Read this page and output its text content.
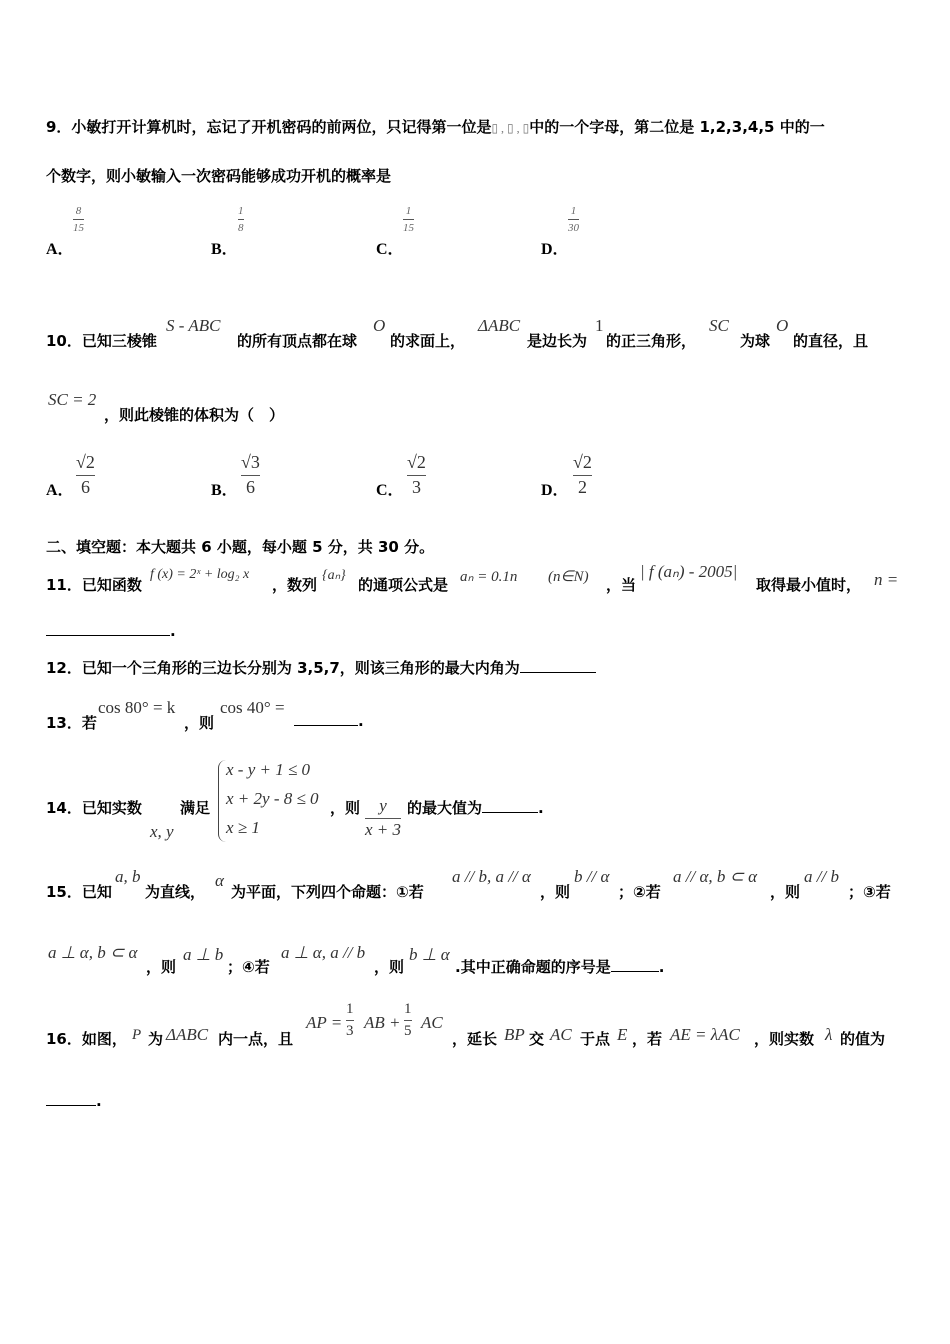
9．小敏打开计算机时，忘记了开机密码的前两位，只记得第一位是▯ , ▯ , ▯中的一个字母，第二位是 1,2,3,4,5 中的一
个数字，则小敏输入一次密码能够成功开机的概率是
A．
8
15
B．
1
8
C．
1
15
D．
1
30
10．已知三棱锥
S - ABC
的所有顶点都在球
O
的求面上，
ΔABC
是边长为
1
的正三角形，
SC
为球
O
的直径，且
SC = 2
，则此棱锥的体积为（　）
A．
√2
6	B．
√3
6	C．
√2
3	D．
√2
2
二、填空题：本大题共 6 小题，每小题 5 分，共 30 分。
11．已知函数
f (x) = 2ˣ + log₂ x
，数列
{aₙ}
的通项公式是 aₙ = 0.1n (n∈N) ，当
| f (aₙ) - 2005|
取得最小值时， n =
.
12．已知一个三角形的三边长分别为 3,5,7，则该三角形的最大内角为
13．若
cos 80° = k
，则
cos 40° =
.
14．已知实数
x, y
满足
x - y + 1 ≤ 0
x + 2y - 8 ≤ 0
x ≥ 1
，则 y
x + 3
的最大值为	.
15．已知
a, b
为直线，
α
为平面，下列四个命题：①若
a // b, a // α
，则
b // α
；②若
a // α, b ⊂ α
，则
a // b
；③若
a ⊥ α, b ⊂ α
，则
a ⊥ b
；④若
a ⊥ α, a // b
，则
b ⊥ α
.其中正确命题的序号是	.
16．如图， P 为 ΔABC 内一点，且
AP =
1
3 AB +
1
5 AC
，延长 BP 交 AC 于点 E ，若 AE = λAC ，则实数 λ 的值为
.
